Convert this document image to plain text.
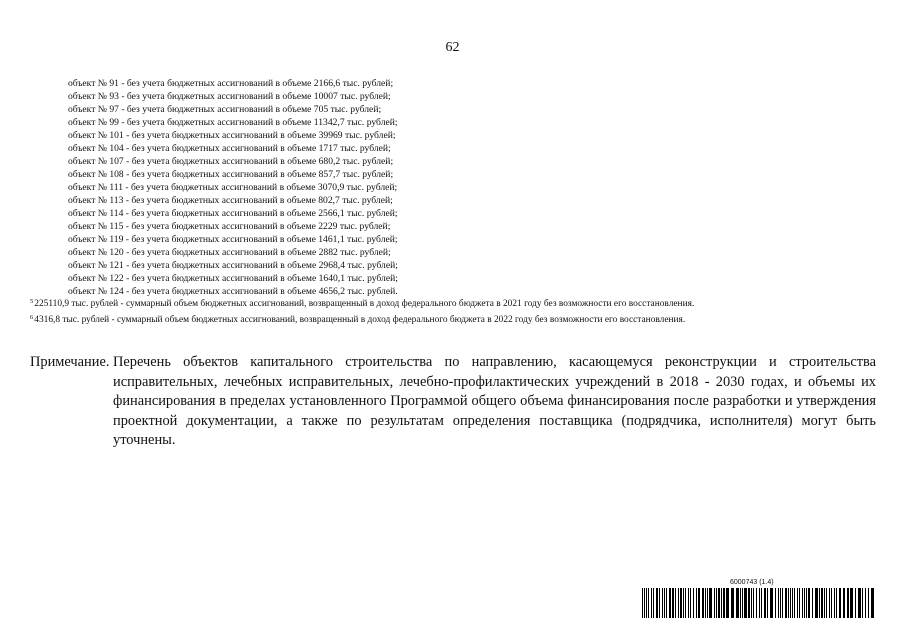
62
объект № 91 - без учета бюджетных ассигнований в объеме 2166,6 тыс. рублей;
объект № 93 - без учета бюджетных ассигнований в объеме 10007 тыс. рублей;
объект № 97 - без учета бюджетных ассигнований в объеме 705 тыс. рублей;
объект № 99 - без учета бюджетных ассигнований в объеме 11342,7 тыс. рублей;
объект № 101 - без учета бюджетных ассигнований в объеме 39969 тыс. рублей;
объект № 104 - без учета бюджетных ассигнований в объеме 1717 тыс. рублей;
объект № 107 - без учета бюджетных ассигнований в объеме 680,2 тыс. рублей;
объект № 108 - без учета бюджетных ассигнований в объеме 857,7 тыс. рублей;
объект № 111 - без учета бюджетных ассигнований в объеме 3070,9 тыс. рублей;
объект № 113 - без учета бюджетных ассигнований в объеме 802,7 тыс. рублей;
объект № 114 - без учета бюджетных ассигнований в объеме 2566,1 тыс. рублей;
объект № 115 - без учета бюджетных ассигнований в объеме 2229 тыс. рублей;
объект № 119 - без учета бюджетных ассигнований в объеме 1461,1 тыс. рублей;
объект № 120 - без учета бюджетных ассигнований в объеме 2882 тыс. рублей;
объект № 121 - без учета бюджетных ассигнований в объеме 2968,4 тыс. рублей;
объект № 122 - без учета бюджетных ассигнований в объеме 1640,1 тыс. рублей;
объект № 124 - без учета бюджетных ассигнований в объеме 4656,2 тыс. рублей.
$^5$225110,9 тыс. рублей - суммарный объем бюджетных ассигнований, возвращенный в доход федерального бюджета в 2021 году без возможности его восстановления.
$^6$4316,8 тыс. рублей - суммарный объем бюджетных ассигнований, возвращенный в доход федерального бюджета в 2022 году без возможности его восстановления.
Примечание. Перечень объектов капитального строительства по направлению, касающемуся реконструкции и строительства исправительных, лечебных исправительных, лечебно-профилактических учреждений в 2018 - 2030 годах, и объемы их финансирования в пределах установленного Программой общего объема финансирования после разработки и утверждения проектной документации, а также по результатам определения поставщика (подрядчика, исполнителя) могут быть уточнены.
6000743 (1.4)
